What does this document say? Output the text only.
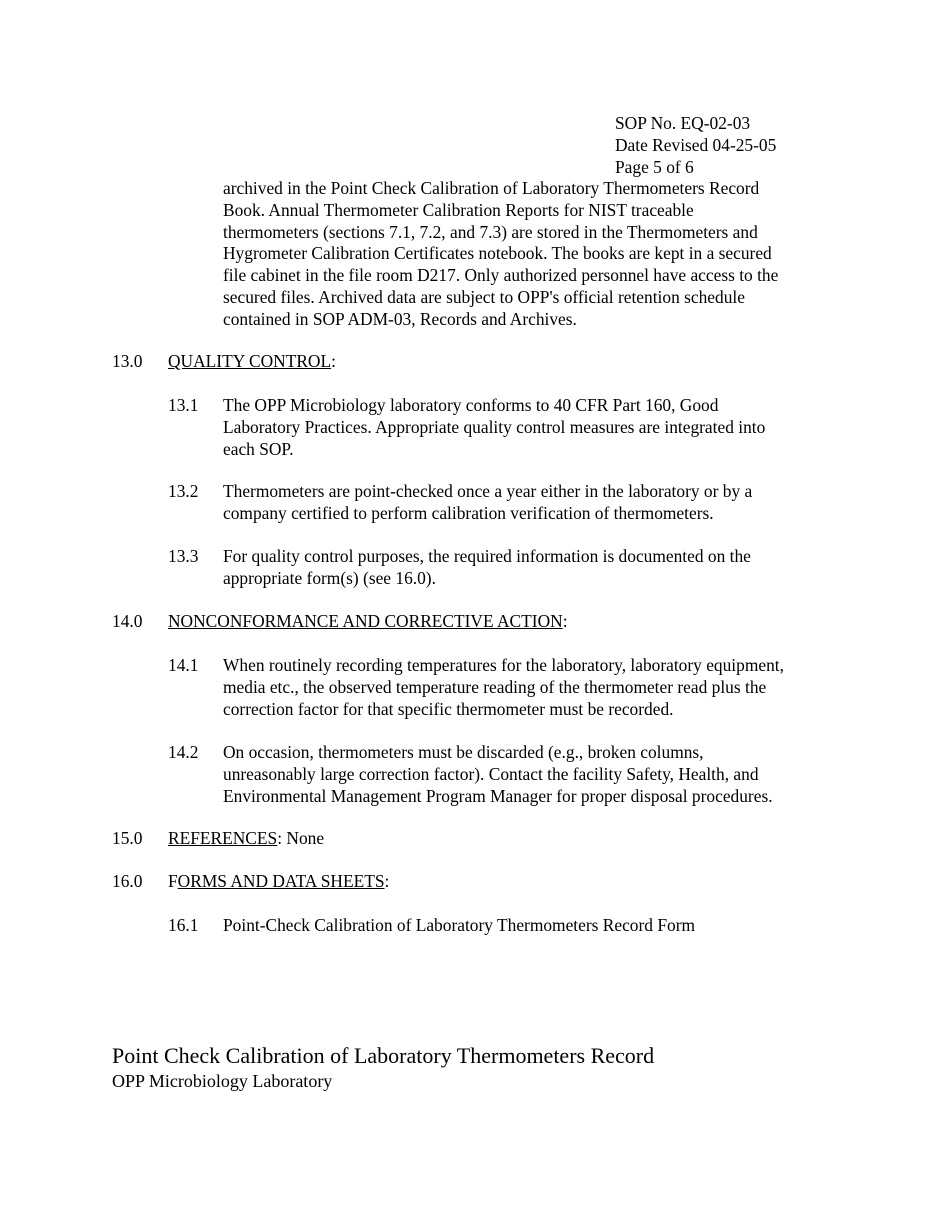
SOP No. EQ-02-03
Date Revised 04-25-05
Page 5 of 6
archived in the Point Check Calibration of Laboratory Thermometers Record
Book. Annual Thermometer Calibration Reports for NIST traceable
thermometers (sections 7.1, 7.2, and 7.3) are stored in the Thermometers and
Hygrometer Calibration Certificates notebook. The books are kept in a secured
file cabinet in the file room D217. Only authorized personnel have access to the
secured files. Archived data are subject to OPP's official retention schedule
contained in SOP ADM-03, Records and Archives.
13.0 QUALITY CONTROL:
13.1 The OPP Microbiology laboratory conforms to 40 CFR Part 160, Good
Laboratory Practices. Appropriate quality control measures are integrated into
each SOP.
13.2 Thermometers are point-checked once a year either in the laboratory or by a
company certified to perform calibration verification of thermometers.
13.3 For quality control purposes, the required information is documented on the
appropriate form(s) (see 16.0).
14.0 NONCONFORMANCE AND CORRECTIVE ACTION:
14.1 When routinely recording temperatures for the laboratory, laboratory equipment,
media etc., the observed temperature reading of the thermometer read plus the
correction factor for that specific thermometer must be recorded.
14.2 On occasion, thermometers must be discarded (e.g., broken columns,
unreasonably large correction factor). Contact the facility Safety, Health, and
Environmental Management Program Manager for proper disposal procedures.
15.0 REFERENCES: None
16.0 FORMS AND DATA SHEETS:
16.1 Point-Check Calibration of Laboratory Thermometers Record Form
Point Check Calibration of Laboratory Thermometers Record
OPP Microbiology Laboratory
